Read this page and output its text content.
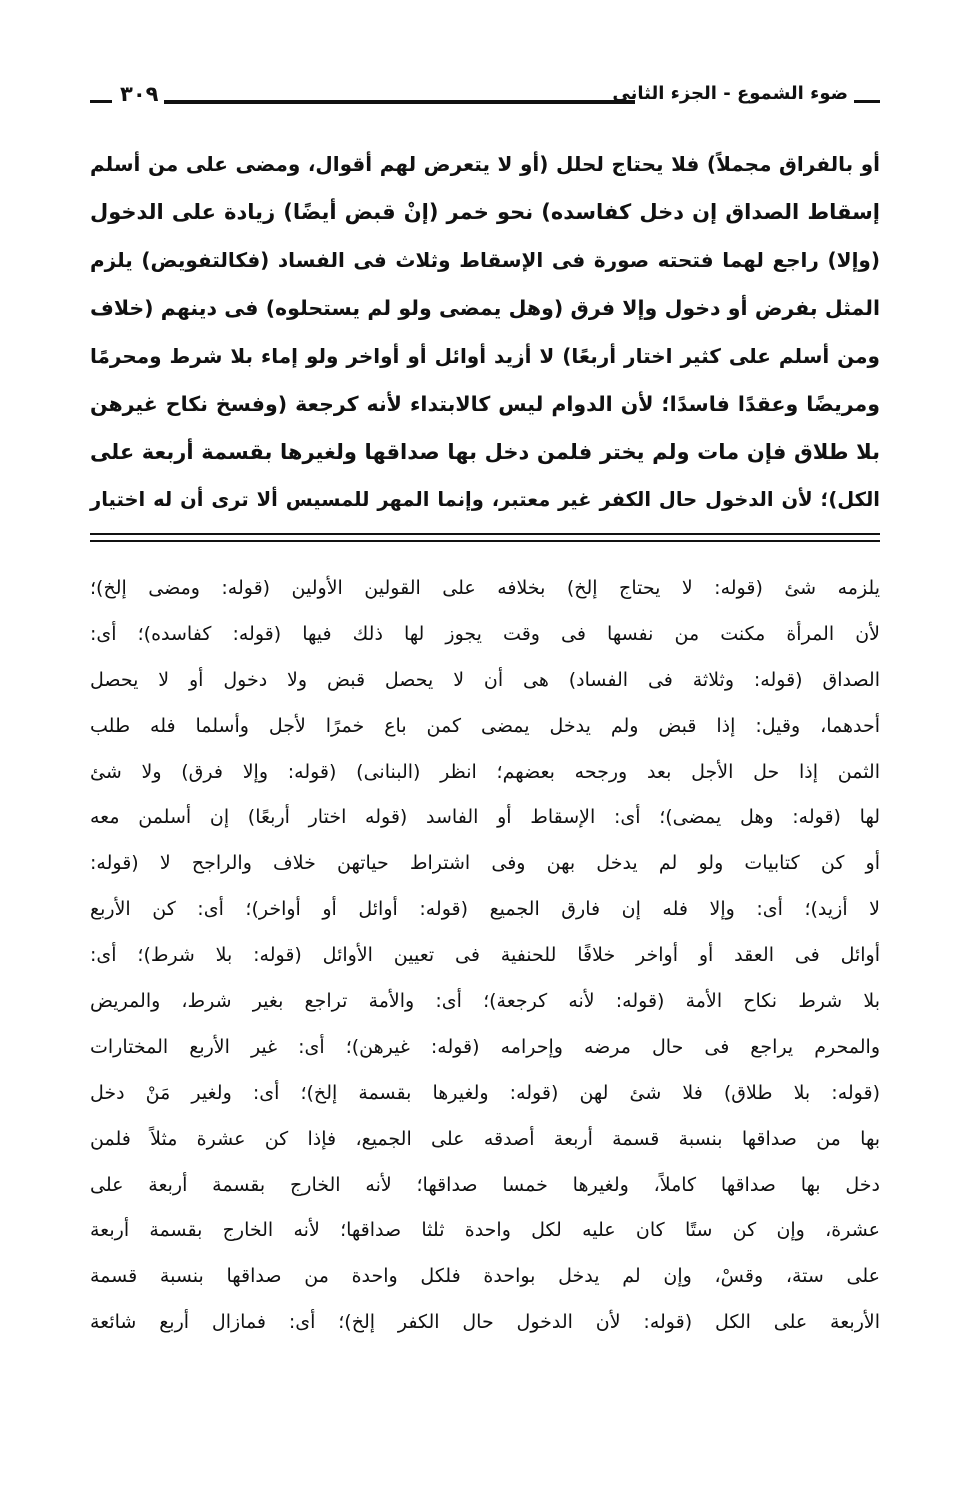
٣٠٩	ضوء الشموع - الجزء الثانى
أو بالفراق مجملاً) فلا يحتاج لحلل (أو لا يتعرض لهم أقوال، ومضى على من أسلم
إسقاط الصداق إن دخل كفاسده) نحو خمر (إنْ قبض أيضًا) زيادة على الدخول
(وإلا) راجع لهما فتحته صورة فى الإسقاط وثلاث فى الفساد (فكالتفويض) يلزم
المثل بفرض أو دخول وإلا فرق (وهل يمضى ولو لم يستحلوه) فى دينهم (خلاف
ومن أسلم على كثير اختار أربعًا) لا أزيد أوائل أو أواخر ولو إماء بلا شرط ومحرمًا
ومريضًا وعقدًا فاسدًا؛ لأن الدوام ليس كالابتداء لأنه كرجعة (وفسخ نكاح غيرهن
بلا طلاق فإن مات ولم يختر فلمن دخل بها صداقها ولغيرها بقسمة أربعة على
الكل)؛ لأن الدخول حال الكفر غير معتبر، وإنما المهر للمسيس ألا ترى أن له اختيار
يلزمه شئ (قوله: لا يحتاج إلخ) بخلافه على القولين الأولين (قوله: ومضى إلخ)؛
لأن المرأة مكنت من نفسها فى وقت يجوز لها ذلك فيها (قوله: كفاسده)؛ أى:
الصداق (قوله: وثلاثة فى الفساد) هى أن لا يحصل قبض ولا دخول أو لا يحصل
أحدهما، وقيل: إذا قبض ولم يدخل يمضى كمن باع خمرًا لأجل وأسلما فله طلب
الثمن إذا حل الأجل بعد ورجحه بعضهم؛ انظر (البنانى) (قوله: وإلا فرق) ولا شئ
لها (قوله: وهل يمضى)؛ أى: الإسقاط أو الفاسد (قوله اختار أربعًا) إن أسلمن معه
أو كن كتابيات ولو لم يدخل بهن وفى اشتراط حياتهن خلاف والراجح لا (قوله:
لا أزيد)؛ أى: وإلا فله إن فارق الجميع (قوله: أوائل أو أواخر)؛ أى: كن الأربع
أوائل فى العقد أو أواخر خلافًا للحنفية فى تعيين الأوائل (قوله: بلا شرط)؛ أى:
بلا شرط نكاح الأمة (قوله: لأنه كرجعة)؛ أى: والأمة تراجع بغير شرط، والمريض
والمحرم يراجع فى حال مرضه وإحرامه (قوله: غيرهن)؛ أى: غير الأربع المختارات
(قوله: بلا طلاق) فلا شئ لهن (قوله: ولغيرها بقسمة إلخ)؛ أى: ولغير مَنْ دخل
بها من صداقها بنسبة قسمة أربعة أصدقه على الجميع، فإذا كن عشرة مثلاً فلمن
دخل بها صداقها كاملاً، ولغيرها خمسا صداقها؛ لأنه الخارج بقسمة أربعة على
عشرة، وإن كن ستًا كان عليه لكل واحدة ثلثا صداقها؛ لأنه الخارج بقسمة أربعة
على ستة، وقسْ، وإن لم يدخل بواحدة فلكل واحدة من صداقها بنسبة قسمة
الأربعة على الكل (قوله: لأن الدخول حال الكفر إلخ)؛ أى: فمازال أربع شائعة
